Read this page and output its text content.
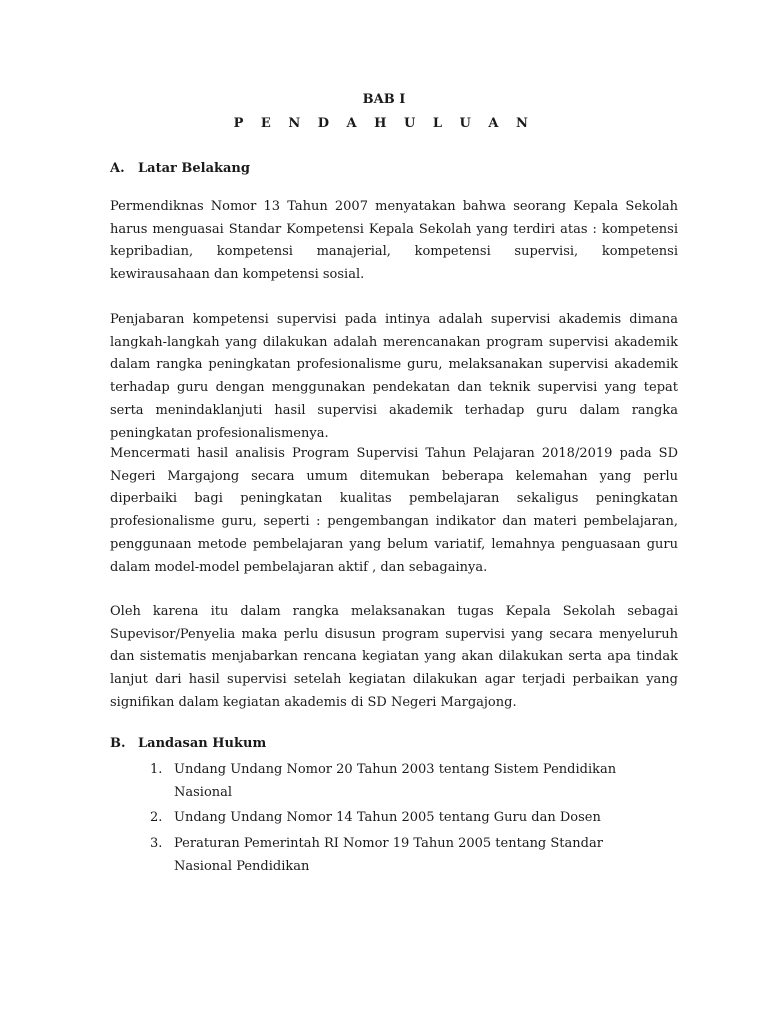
BAB I
P E N D A H U L U A N
A. Latar Belakang

Permendiknas Nomor 13 Tahun 2007 menyatakan bahwa seorang Kepala Sekolah harus menguasai Standar Kompetensi Kepala Sekolah yang terdiri atas : kompetensi kepribadian, kompetensi manajerial, kompetensi supervisi, kompetensi kewirausahaan dan kompetensi sosial.

Penjabaran kompetensi supervisi pada intinya adalah supervisi akademis dimana langkah-langkah yang dilakukan adalah merencanakan program supervisi akademik dalam rangka peningkatan profesionalisme guru, melaksanakan supervisi akademik terhadap guru dengan menggunakan pendekatan dan teknik supervisi yang tepat serta menindaklanjuti hasil supervisi akademik terhadap guru dalam rangka peningkatan profesionalismenya.

Mencermati hasil analisis Program Supervisi Tahun Pelajaran 2018/2019 pada SD Negeri Margajong secara umum ditemukan beberapa kelemahan yang perlu diperbaiki bagi peningkatan kualitas pembelajaran sekaligus peningkatan profesionalisme guru, seperti : pengembangan indikator dan materi pembelajaran, penggunaan metode pembelajaran yang belum variatif, lemahnya penguasaan guru dalam model-model pembelajaran aktif , dan sebagainya.

Oleh karena itu dalam rangka melaksanakan tugas Kepala Sekolah sebagai Supevisor/Penyelia maka perlu disusun program supervisi yang secara menyeluruh dan sistematis menjabarkan rencana kegiatan yang akan dilakukan serta apa tindak lanjut dari hasil supervisi setelah kegiatan dilakukan agar terjadi perbaikan yang signifikan dalam kegiatan akademis di SD Negeri Margajong.

B. Landasan Hukum
1. Undang Undang Nomor 20 Tahun 2003 tentang Sistem Pendidikan Nasional
2. Undang Undang Nomor 14 Tahun 2005 tentang Guru dan Dosen
3. Peraturan Pemerintah RI Nomor 19 Tahun 2005 tentang Standar Nasional Pendidikan
